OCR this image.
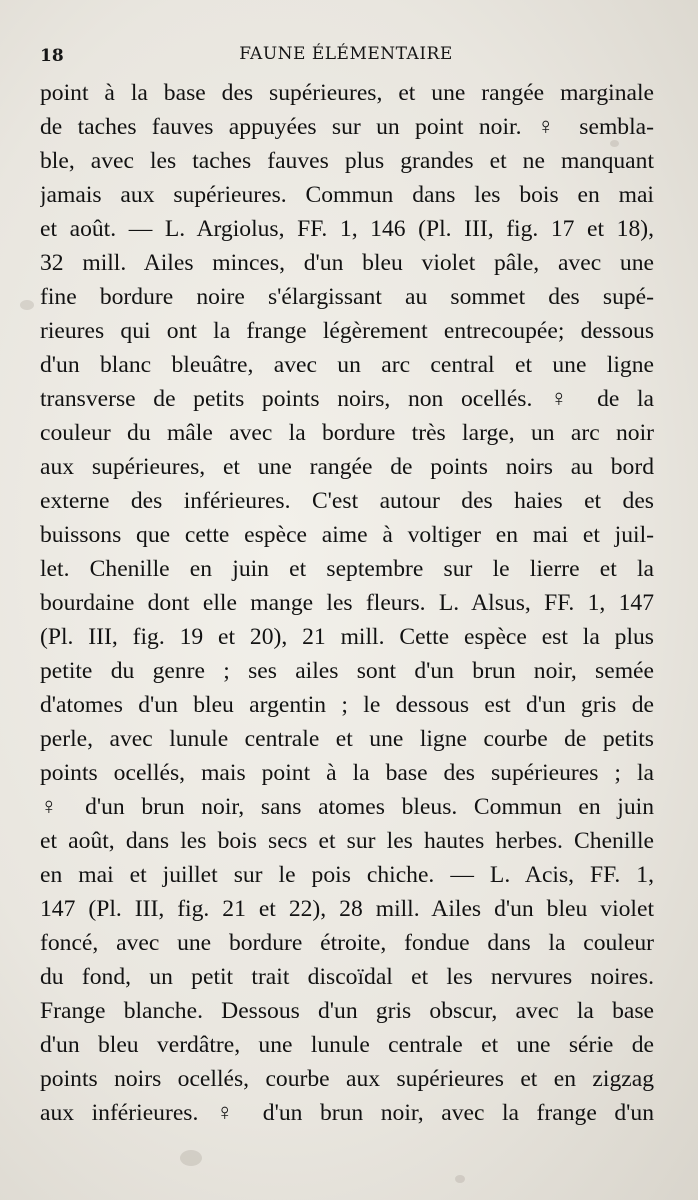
18	FAUNE ÉLÉMENTAIRE
point à la base des supérieures, et une rangée marginale
de taches fauves appuyées sur un point noir. ♀ sembla-
ble, avec les taches fauves plus grandes et ne manquant
jamais aux supérieures. Commun dans les bois en mai
et août. — L. Argiolus, FF. 1, 146 (Pl. III, fig. 17 et 18),
32 mill. Ailes minces, d'un bleu violet pâle, avec une
fine bordure noire s'élargissant au sommet des supé-
rieures qui ont la frange légèrement entrecoupée; dessous
d'un blanc bleuâtre, avec un arc central et une ligne
transverse de petits points noirs, non ocellés. ♀ de la
couleur du mâle avec la bordure très large, un arc noir
aux supérieures, et une rangée de points noirs au bord
externe des inférieures. C'est autour des haies et des
buissons que cette espèce aime à voltiger en mai et juil-
let. Chenille en juin et septembre sur le lierre et la
bourdaine dont elle mange les fleurs. L. Alsus, FF. 1, 147
(Pl. III, fig. 19 et 20), 21 mill. Cette espèce est la plus
petite du genre ; ses ailes sont d'un brun noir, semée
d'atomes d'un bleu argentin ; le dessous est d'un gris de
perle, avec lunule centrale et une ligne courbe de petits
points ocellés, mais point à la base des supérieures ; la
♀ d'un brun noir, sans atomes bleus. Commun en juin
et août, dans les bois secs et sur les hautes herbes. Chenille
en mai et juillet sur le pois chiche. — L. Acis, FF. 1,
147 (Pl. III, fig. 21 et 22), 28 mill. Ailes d'un bleu violet
foncé, avec une bordure étroite, fondue dans la couleur
du fond, un petit trait discoïdal et les nervures noires.
Frange blanche. Dessous d'un gris obscur, avec la base
d'un bleu verdâtre, une lunule centrale et une série de
points noirs ocellés, courbe aux supérieures et en zigzag
aux inférieures. ♀ d'un brun noir, avec la frange d'un
